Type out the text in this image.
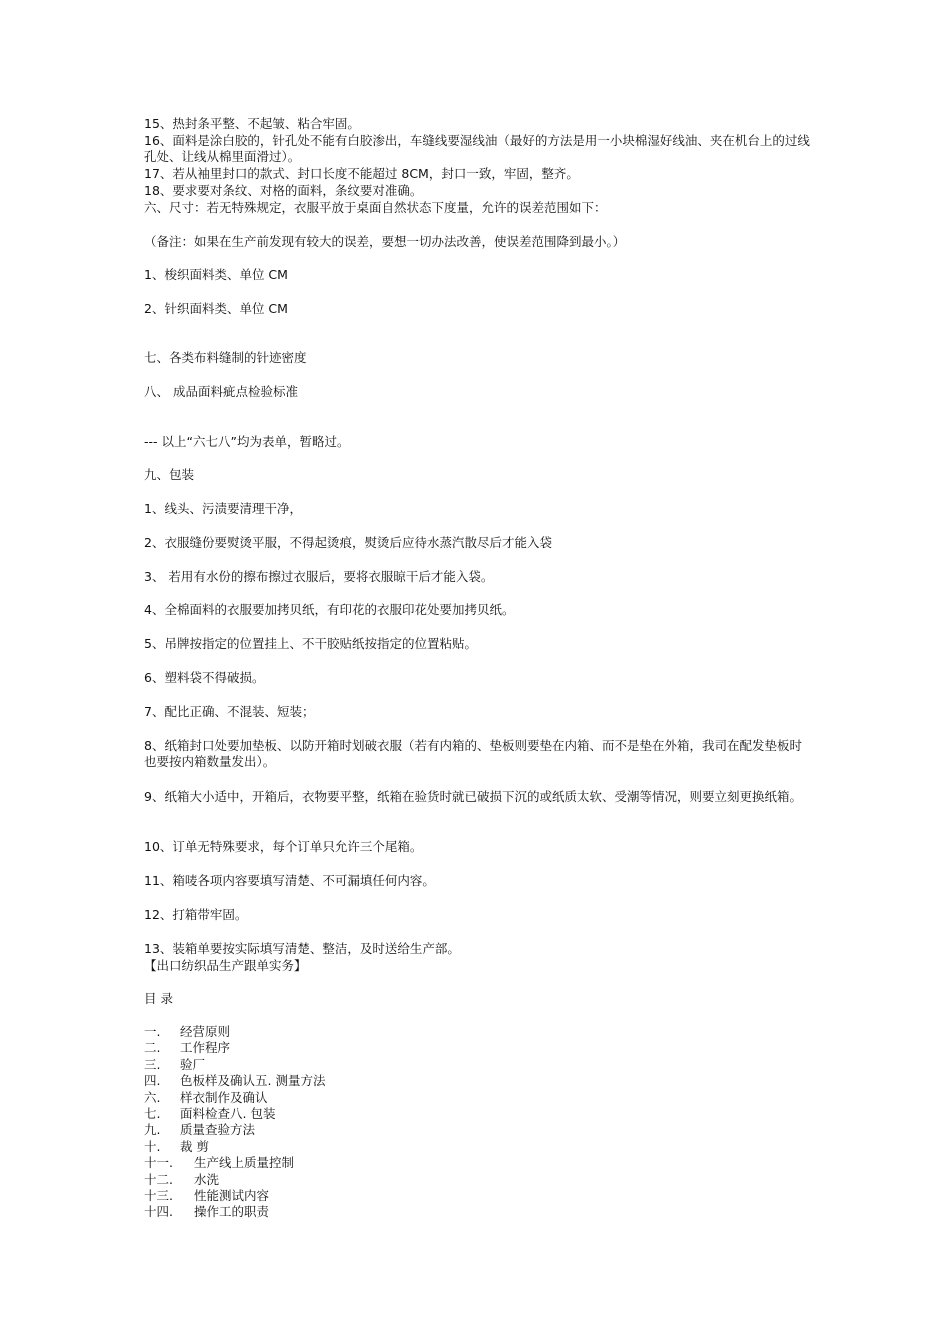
15、热封条平整、不起皱、粘合牢固。
16、面料是涂白胶的，针孔处不能有白胶渗出，车缝线要湿线油（最好的方法是用一小块棉湿好线油、夹在机台上的过线孔处、让线从棉里面滑过）。
17、若从袖里封口的款式、封口长度不能超过 8CM，封口一致，牢固，整齐。
18、要求要对条纹、对格的面料，条纹要对准确。
六、尺寸：若无特殊规定，衣服平放于桌面自然状态下度量，允许的误差范围如下：
（备注：如果在生产前发现有较大的误差，要想一切办法改善，使误差范围降到最小。）
1、梭织面料类、单位 CM
2、针织面料类、单位 CM
七、各类布料缝制的针迹密度
八、 成品面料疵点检验标准
--- 以上“六七八”均为表单，暂略过。
九、包装
1、线头、污渍要清理干净，
2、衣服缝份要熨烫平服，不得起烫痕，熨烫后应待水蒸汽散尽后才能入袋
3、 若用有水份的擦布擦过衣服后，要将衣服晾干后才能入袋。
4、全棉面料的衣服要加拷贝纸，有印花的衣服印花处要加拷贝纸。
5、吊牌按指定的位置挂上、不干胶贴纸按指定的位置粘贴。
6、塑料袋不得破损。
7、配比正确、不混装、短装；
8、纸箱封口处要加垫板、以防开箱时划破衣服（若有内箱的、垫板则要垫在内箱、而不是垫在外箱，我司在配发垫板时也要按内箱数量发出）。
9、纸箱大小适中，开箱后，衣物要平整，纸箱在验货时就已破损下沉的或纸质太软、受潮等情况，则要立刻更换纸箱。
10、订单无特殊要求，每个订单只允许三个尾箱。
11、箱唛各项内容要填写清楚、不可漏填任何内容。
12、打箱带牢固。
13、装箱单要按实际填写清楚、整洁，及时送给生产部。
【出口纺织品生产跟单实务】
目 录
一. 经营原则
二. 工作程序
三. 验厂
四. 色板样及确认五. 测量方法
六. 样衣制作及确认
七. 面料检查八. 包装
九. 质量查验方法
十. 裁 剪
十一. 生产线上质量控制
十二. 水洗
十三. 性能测试内容
十四. 操作工的职责
